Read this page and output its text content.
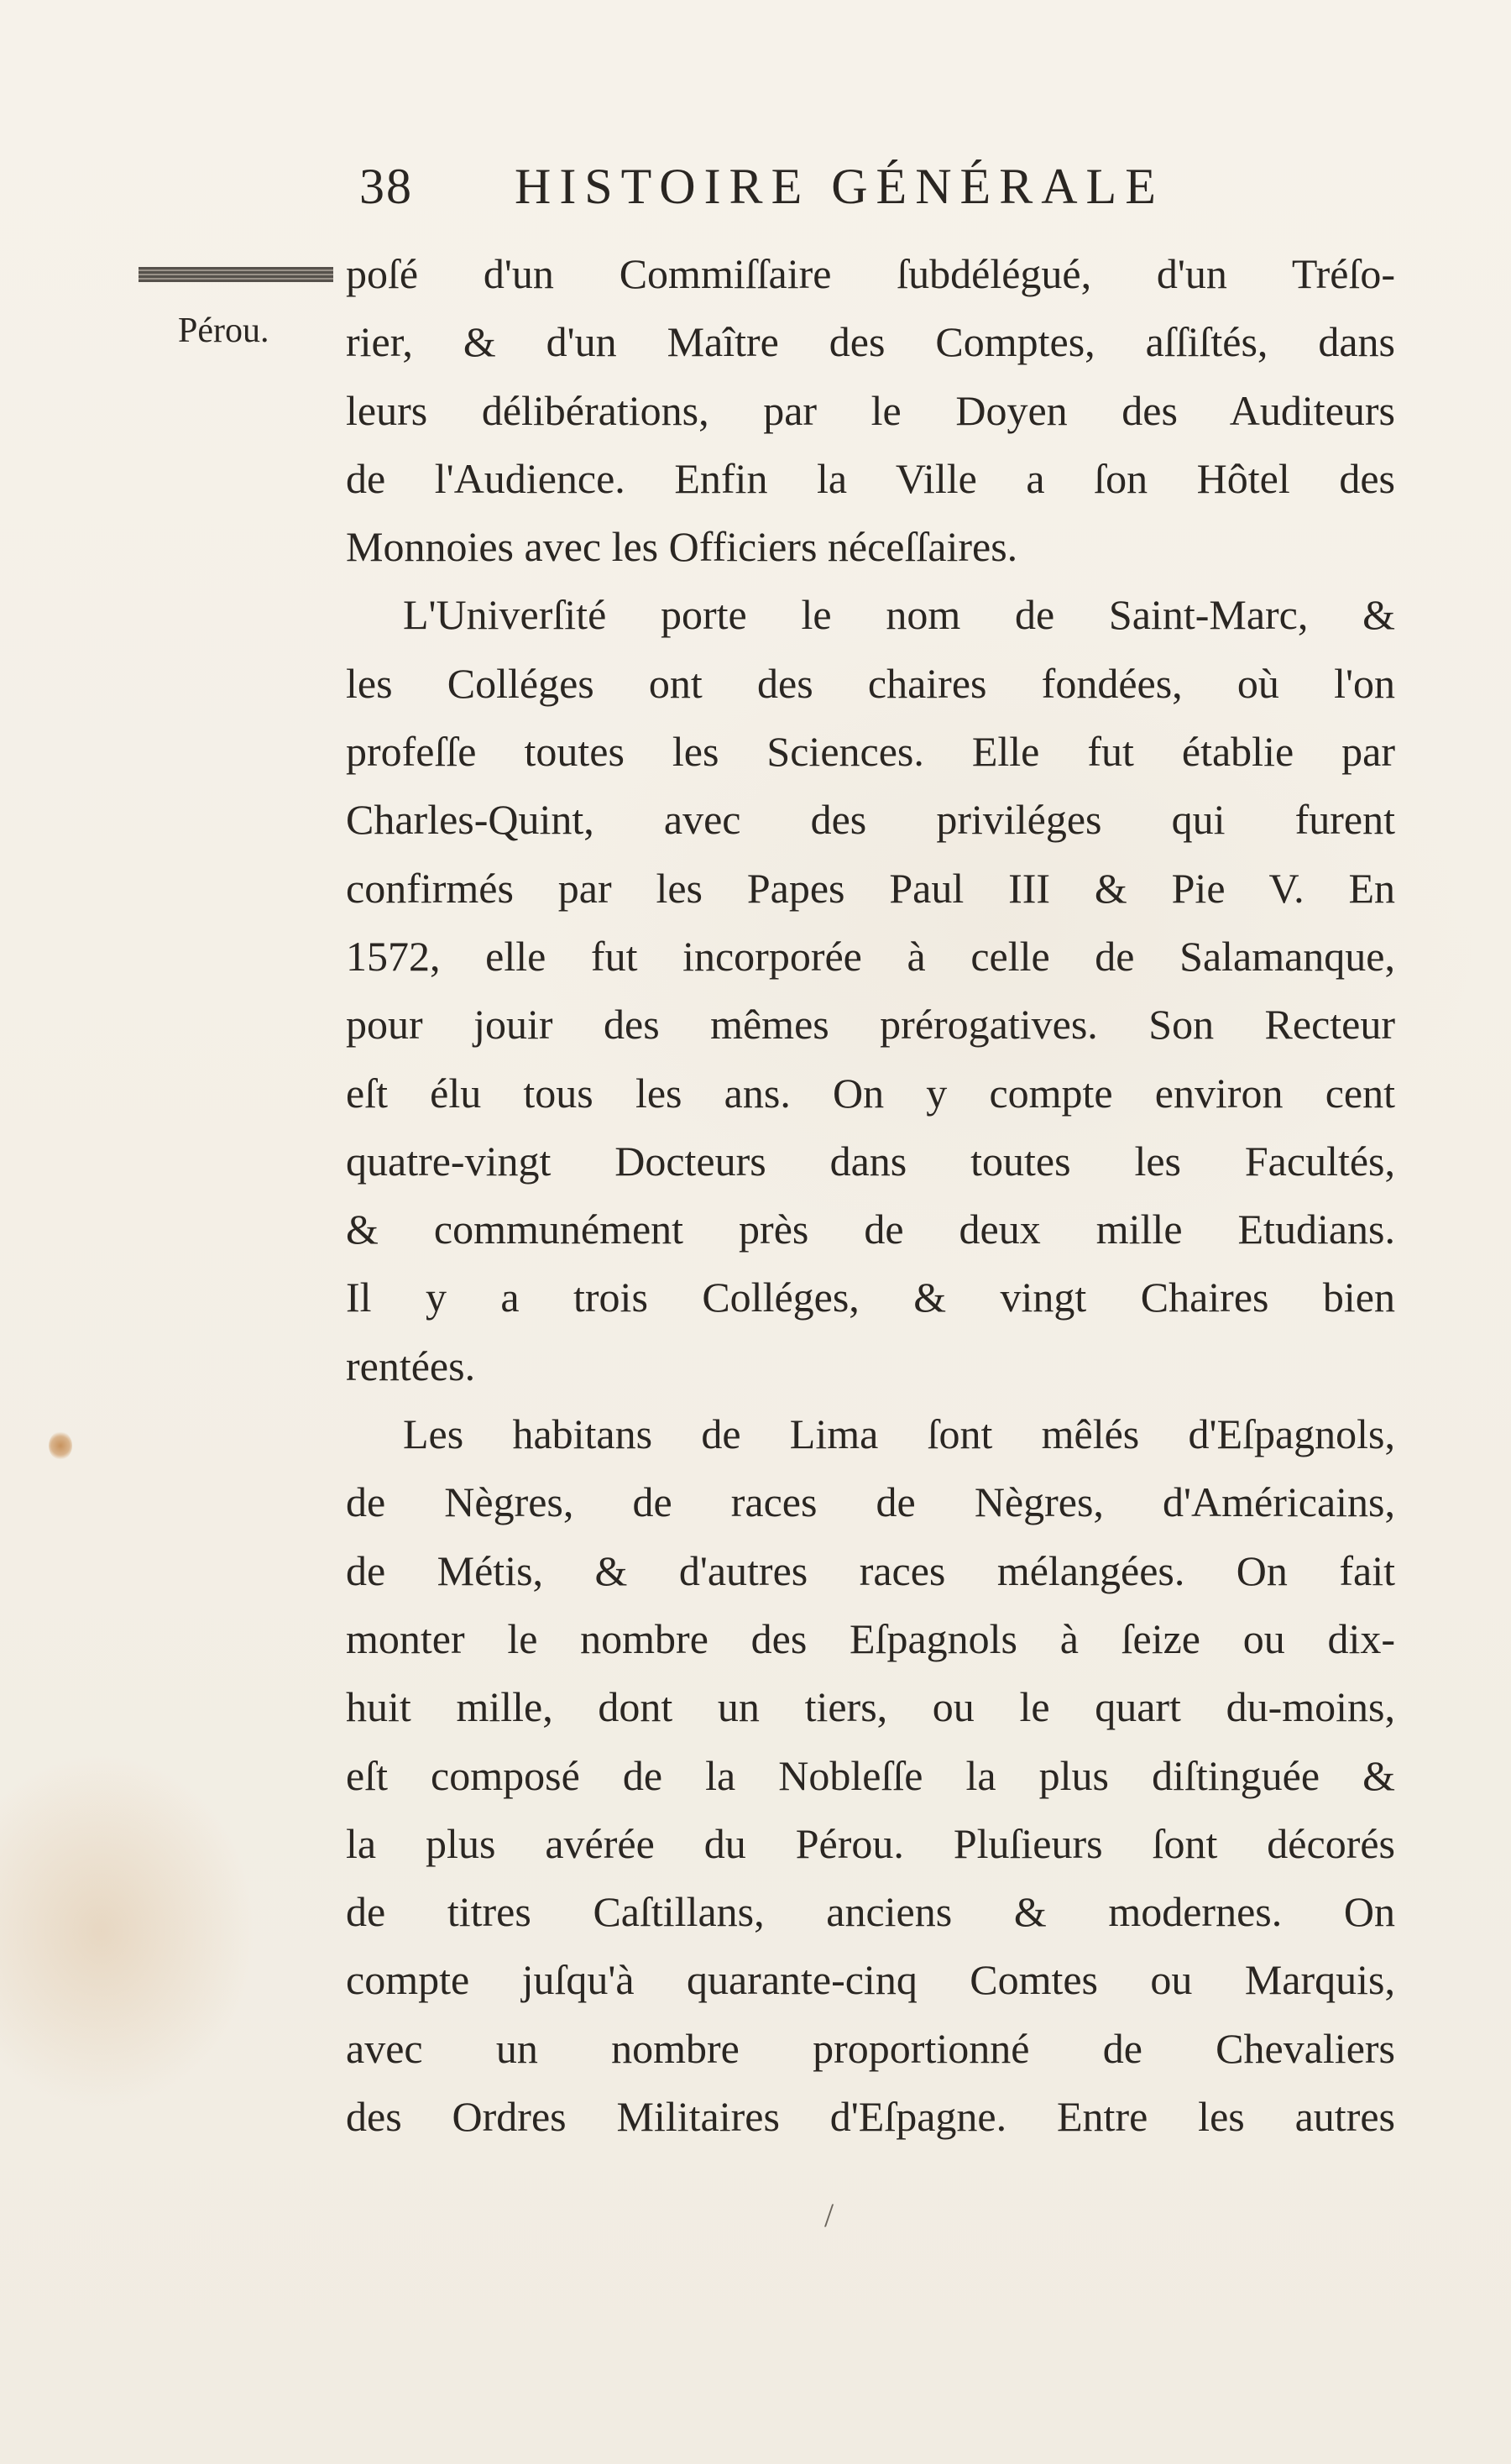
38 HISTOIRE GÉNÉRALE
Pérou.
poſé d'un Commiſſaire ſubdélégué, d'un Tréſo-
rier, & d'un Maître des Comptes, aſſiſtés, dans
leurs délibérations, par le Doyen des Auditeurs
de l'Audience. Enfin la Ville a ſon Hôtel des
Monnoies avec les Officiers néceſſaires.
L'Univerſité porte le nom de Saint-Marc, &
les Colléges ont des chaires fondées, où l'on
profeſſe toutes les Sciences. Elle fut établie par
Charles-Quint, avec des priviléges qui furent
confirmés par les Papes Paul III & Pie V. En
1572, elle fut incorporée à celle de Salamanque,
pour jouir des mêmes prérogatives. Son Recteur
eſt élu tous les ans. On y compte environ cent
quatre-vingt Docteurs dans toutes les Facultés,
& communément près de deux mille Etudians.
Il y a trois Colléges, & vingt Chaires bien
rentées.
Les habitans de Lima ſont mêlés d'Eſpagnols,
de Nègres, de races de Nègres, d'Américains,
de Métis, & d'autres races mélangées. On fait
monter le nombre des Eſpagnols à ſeize ou dix-
huit mille, dont un tiers, ou le quart du-moins,
eſt composé de la Nobleſſe la plus diſtinguée &
la plus avérée du Pérou. Pluſieurs ſont décorés
de titres Caſtillans, anciens & modernes. On
compte juſqu'à quarante-cinq Comtes ou Marquis,
avec un nombre proportionné de Chevaliers
des Ordres Militaires d'Eſpagne. Entre les autres
/
